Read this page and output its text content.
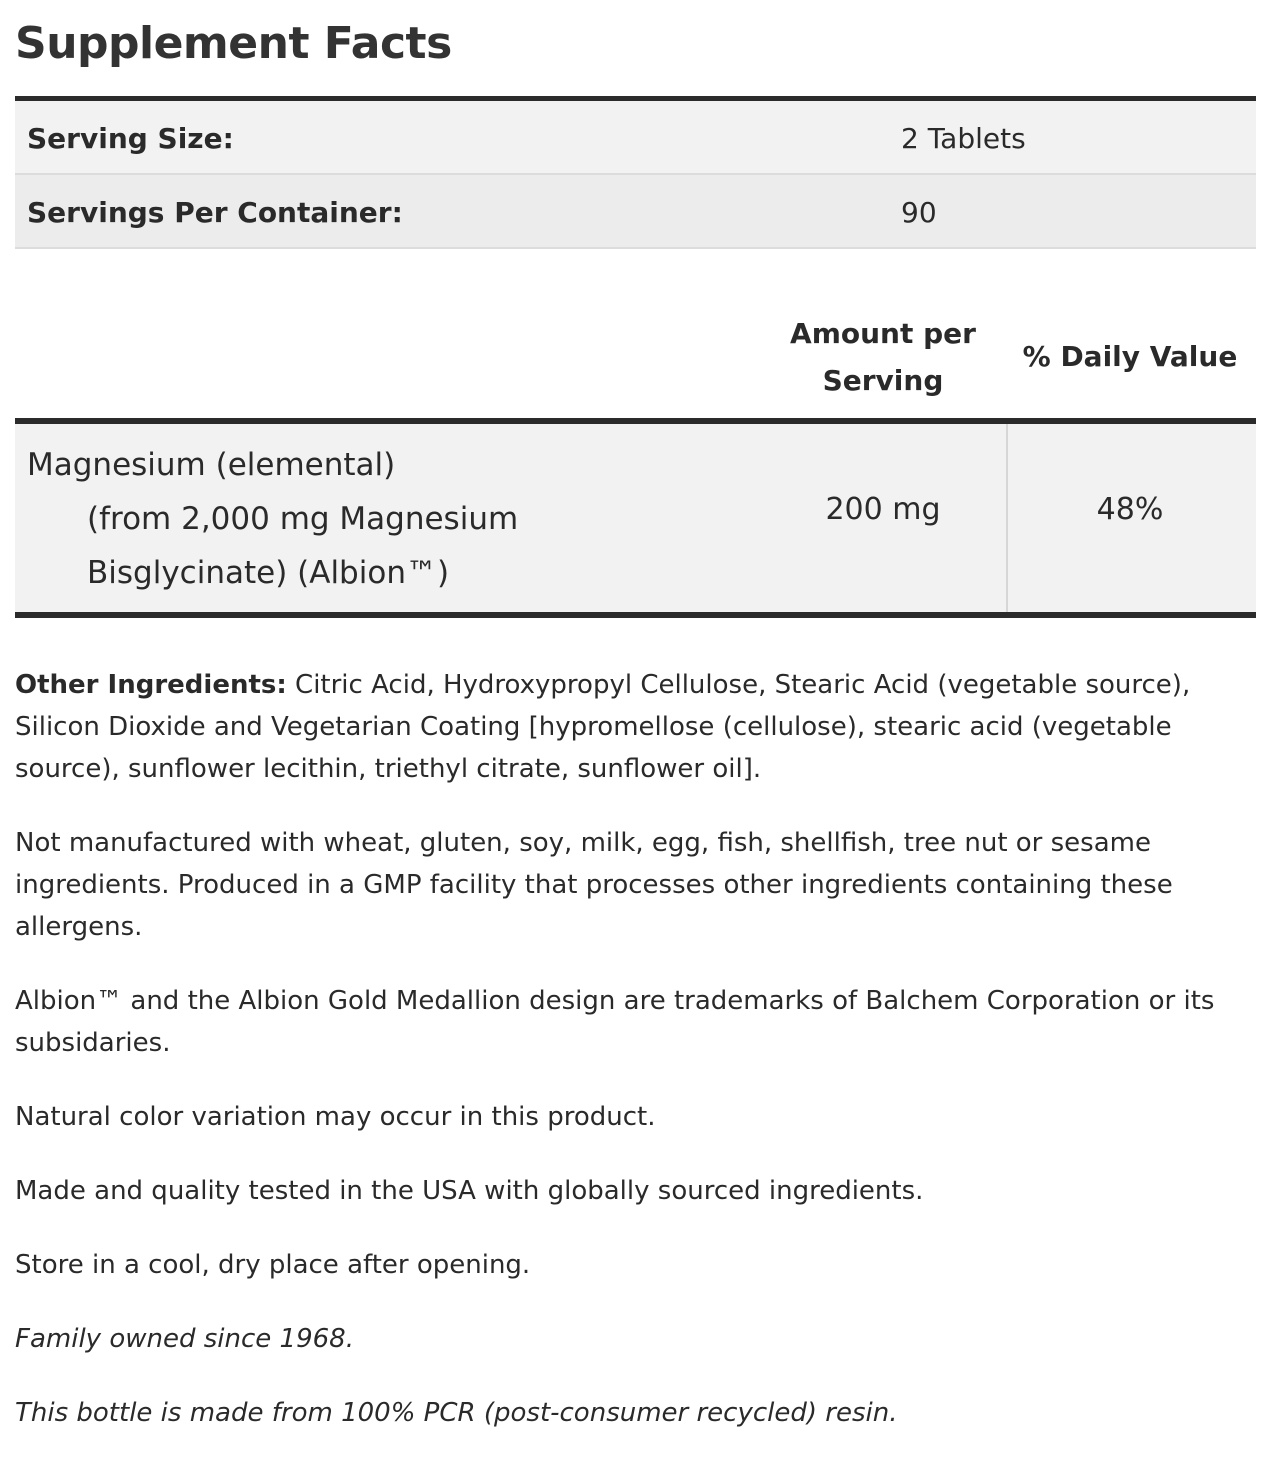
Supplement Facts
Serving Size:	2 Tablets
Servings Per Container:	90
Amount per Serving
% Daily Value
Magnesium (elemental)
(from 2,000 mg Magnesium Bisglycinate) (Albion™)
200 mg	48%

Other Ingredients: Citric Acid, Hydroxypropyl Cellulose, Stearic Acid (vegetable source), Silicon Dioxide and Vegetarian Coating [hypromellose (cellulose), stearic acid (vegetable source), sunflower lecithin, triethyl citrate, sunflower oil].

Not manufactured with wheat, gluten, soy, milk, egg, fish, shellfish, tree nut or sesame ingredients. Produced in a GMP facility that processes other ingredients containing these allergens.

Albion™ and the Albion Gold Medallion design are trademarks of Balchem Corporation or its subsidaries.

Natural color variation may occur in this product.

Made and quality tested in the USA with globally sourced ingredients.

Store in a cool, dry place after opening.

Family owned since 1968.

This bottle is made from 100% PCR (post-consumer recycled) resin.
